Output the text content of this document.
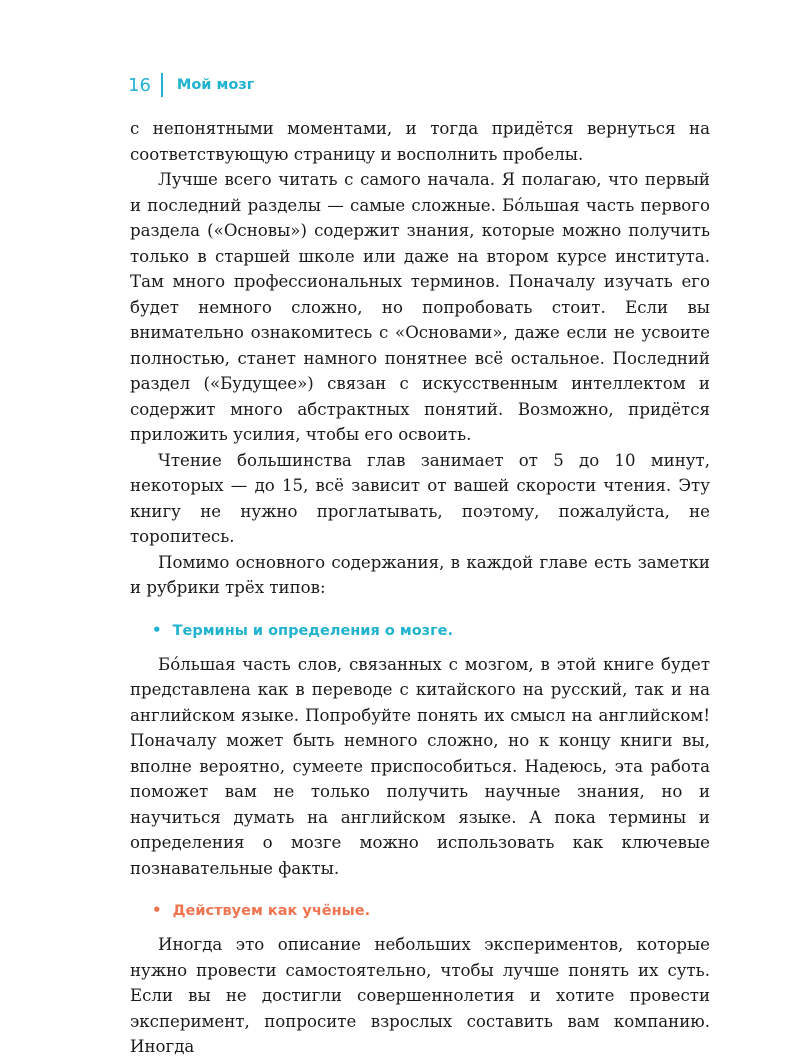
16 Мой мозг

с непонятными моментами, и тогда придётся вернуться на соответствующую страницу и восполнить пробелы.

Лучше всего читать с самого начала. Я полагаю, что первый и последний разделы — самые сложные. Бóльшая часть первого раздела («Основы») содержит знания, которые можно получить только в старшей школе или даже на втором курсе института. Там много профессиональных терминов. Поначалу изучать его будет немного сложно, но попробовать стоит. Если вы внимательно ознакомитесь с «Основами», даже если не усвоите полностью, станет намного понятнее всё остальное. Последний раздел («Будущее») связан с искусственным интеллектом и содержит много абстрактных понятий. Возможно, придётся приложить усилия, чтобы его освоить.

Чтение большинства глав занимает от 5 до 10 минут, некоторых — до 15, всё зависит от вашей скорости чтения. Эту книгу не нужно проглатывать, поэтому, пожалуйста, не торопитесь.

Помимо основного содержания, в каждой главе есть заметки и рубрики трёх типов:

• Термины и определения о мозге.

Бóльшая часть слов, связанных с мозгом, в этой книге будет представлена как в переводе с китайского на русский, так и на английском языке. Попробуйте понять их смысл на английском! Поначалу может быть немного сложно, но к концу книги вы, вполне вероятно, сумеете приспособиться. Надеюсь, эта работа поможет вам не только получить научные знания, но и научиться думать на английском языке. А пока термины и определения о мозге можно использовать как ключевые познавательные факты.

• Действуем как учёные.

Иногда это описание небольших экспериментов, которые нужно провести самостоятельно, чтобы лучше понять их суть. Если вы не достигли совершеннолетия и хотите провести эксперимент, попросите взрослых составить вам компанию. Иногда
